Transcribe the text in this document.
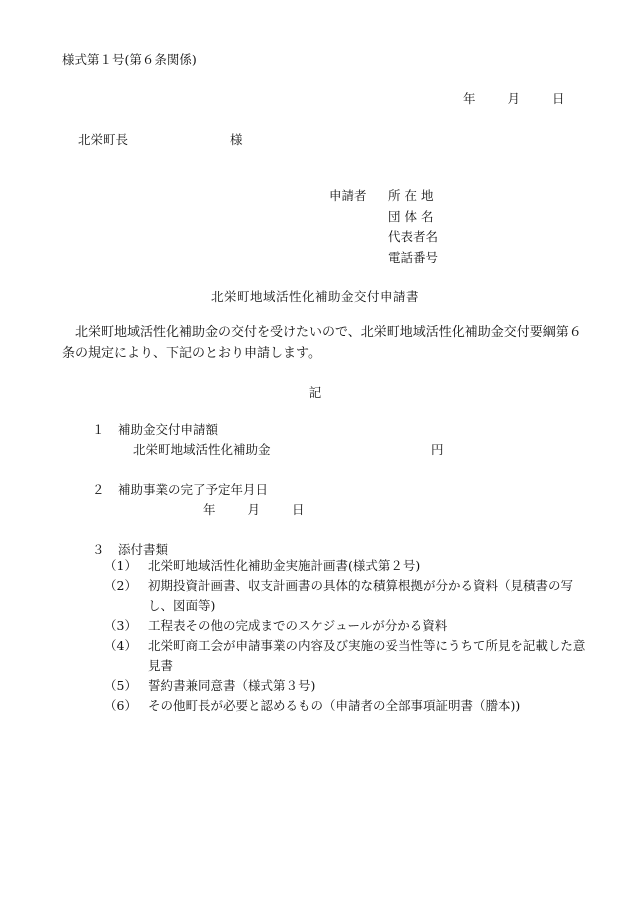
様式第１号(第６条関係)
年	月	日
北栄町長	様
申請者 所 在 地
団 体 名
代表者名
電話番号
北栄町地域活性化補助金交付申請書
北栄町地域活性化補助金の交付を受けたいので、北栄町地域活性化補助金交付要綱第６条の規定により、下記のとおり申請します。
記
１ 補助金交付申請額
北栄町地域活性化補助金	円
２ 補助事業の完了予定年月日
年	月	日
３ 添付書類
（1） 北栄町地域活性化補助金実施計画書(様式第２号)
（2） 初期投資計画書、収支計画書の具体的な積算根拠が分かる資料（見積書の写し、図面等)
（3） 工程表その他の完成までのスケジュールが分かる資料
（4） 北栄町商工会が申請事業の内容及び実施の妥当性等にうちて所見を記載した意見書
（5） 誓約書兼同意書（様式第３号)
（6） その他町長が必要と認めるもの（申請者の全部事項証明書（謄本))
